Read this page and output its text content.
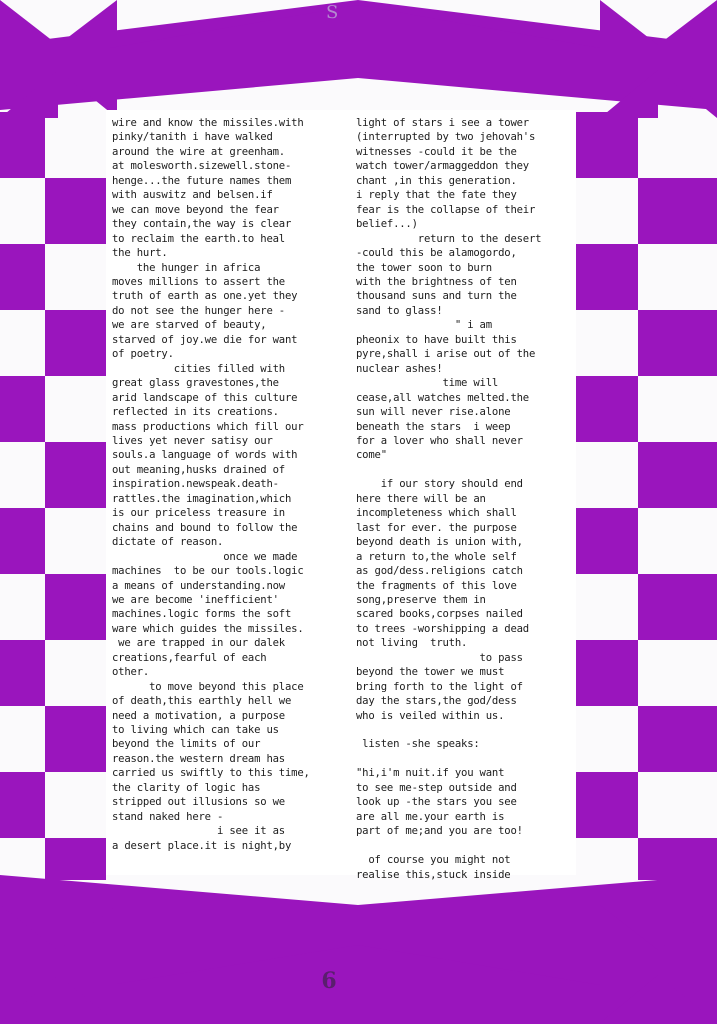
S
wire and know the missiles.with
pinky/tanith i have walked
around the wire at greenham.
at molesworth.sizewell.stone-
henge...the future names them
with auswitz and belsen.if
we can move beyond the fear
they contain,the way is clear
to reclaim the earth.to heal
the hurt.
the hunger in africa
moves millions to assert the
truth of earth as one.yet they
do not see the hunger here -
we are starved of beauty,
starved of joy.we die for want
of poetry.
cities filled with
great glass gravestones,the
arid landscape of this culture
reflected in its creations.
mass productions which fill our
lives yet never satisy our
souls.a language of words with
out meaning,husks drained of
inspiration.newspeak.death-
rattles.the imagination,which
is our priceless treasure in
chains and bound to follow the
dictate of reason.
once we made
machines  to be our tools.logic
a means of understanding.now
we are become 'inefficient'
machines.logic forms the soft
ware which guides the missiles.
we are trapped in our dalek
creations,fearful of each
other.
to move beyond this place
of death,this earthly hell we
need a motivation, a purpose
to living which can take us
beyond the limits of our
reason.the western dream has
carried us swiftly to this time,
the clarity of logic has
stripped out illusions so we
stand naked here -
i see it as
a desert place.it is night,by
light of stars i see a tower
(interrupted by two jehovah's
witnesses -could it be the
watch tower/armaggeddon they
chant ,in this generation.
i reply that the fate they
fear is the collapse of their
belief...)
return to the desert
-could this be alamogordo,
the tower soon to burn
with the brightness of ten
thousand suns and turn the
sand to glass!
" i am
pheonix to have built this
pyre,shall i arise out of the
nuclear ashes!
time will
cease,all watches melted.the
sun will never rise.alone
beneath the stars  i weep
for a lover who shall never
come"

if our story should end
here there will be an
incompleteness which shall
last for ever. the purpose
beyond death is union with,
a return to,the whole self
as god/dess.religions catch
the fragments of this love
song,preserve them in
scared books,corpses nailed
to trees -worshipping a dead
not living  truth.
to pass
beyond the tower we must
bring forth to the light of
day the stars,the god/dess
who is veiled within us.

listen -she speaks:

"hi,i'm nuit.if you want
to see me-step outside and
look up -the stars you see
are all me.your earth is
part of me;and you are too!

of course you might not
realise this,stuck inside
6
